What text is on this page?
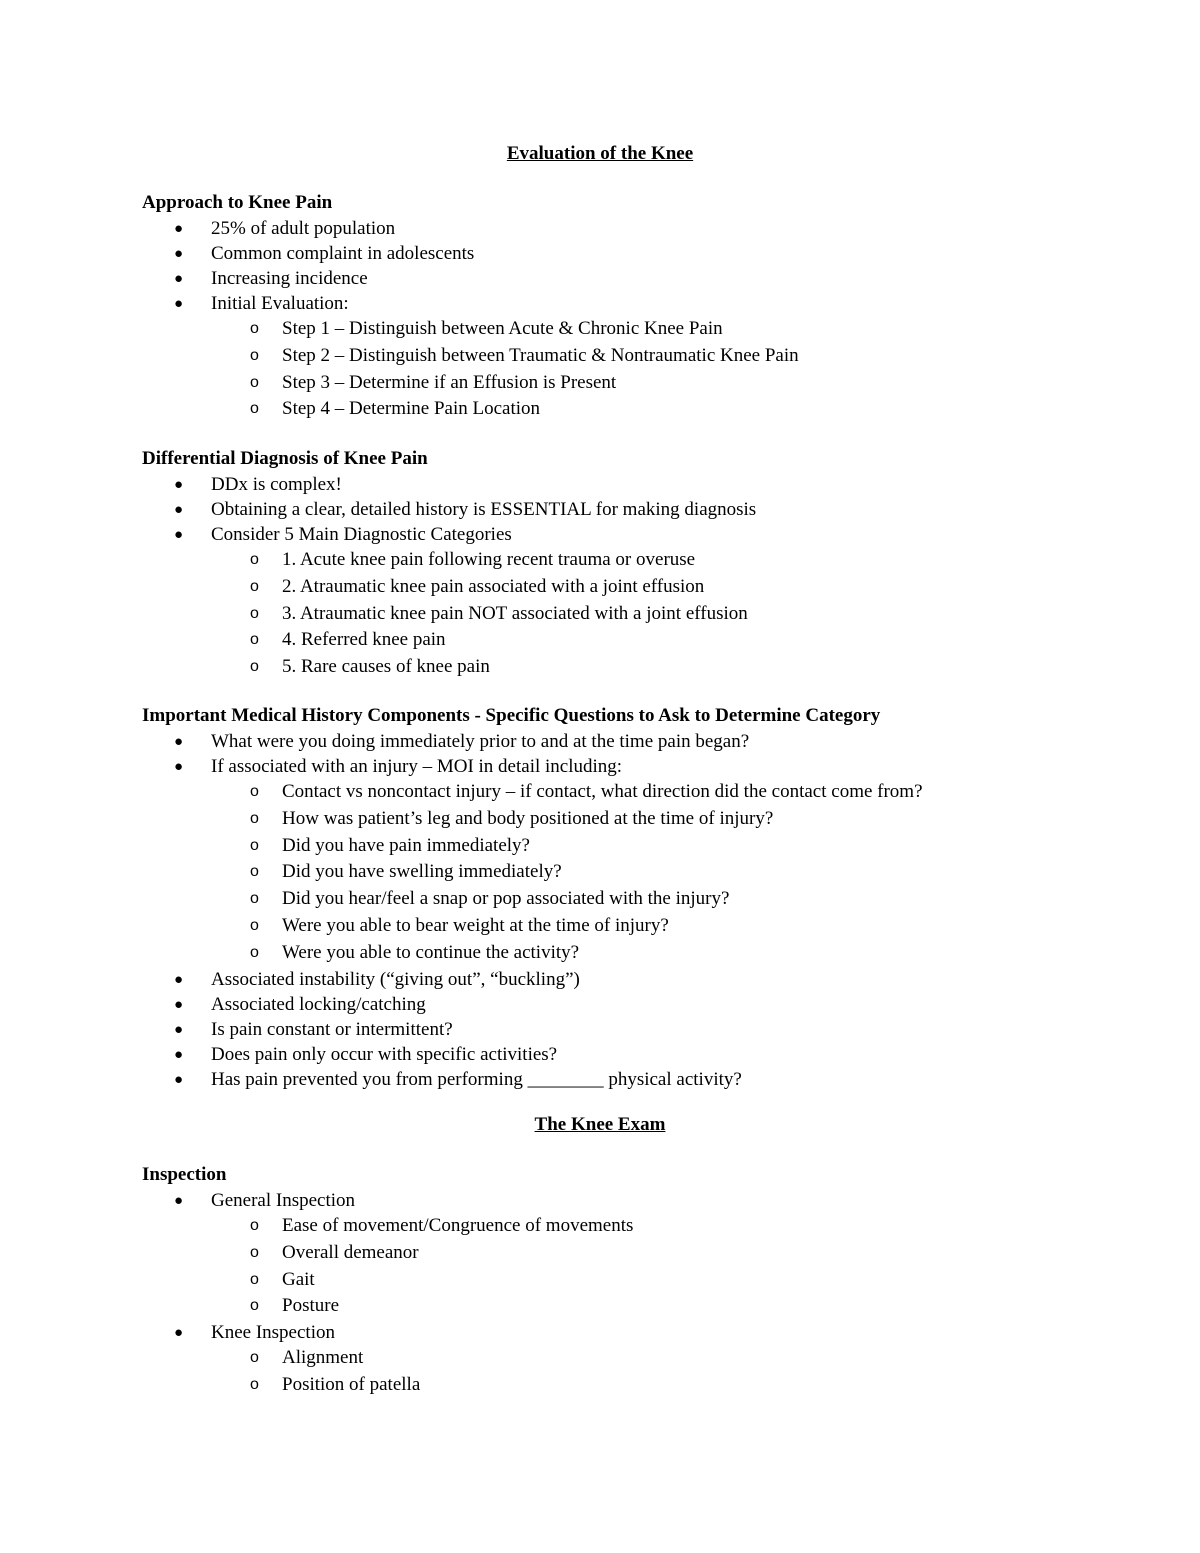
Evaluation of the Knee
Approach to Knee Pain
● 25% of adult population
● Common complaint in adolescents
● Increasing incidence
● Initial Evaluation:
o Step 1 – Distinguish between Acute & Chronic Knee Pain
o Step 2 – Distinguish between Traumatic & Nontraumatic Knee Pain
o Step 3 – Determine if an Effusion is Present
o Step 4 – Determine Pain Location
Differential Diagnosis of Knee Pain
● DDx is complex!
● Obtaining a clear, detailed history is ESSENTIAL for making diagnosis
● Consider 5 Main Diagnostic Categories
o 1. Acute knee pain following recent trauma or overuse
o 2. Atraumatic knee pain associated with a joint effusion
o 3. Atraumatic knee pain NOT associated with a joint effusion
o 4. Referred knee pain
o 5. Rare causes of knee pain
Important Medical History Components - Specific Questions to Ask to Determine Category
● What were you doing immediately prior to and at the time pain began?
● If associated with an injury – MOI in detail including:
o Contact vs noncontact injury – if contact, what direction did the contact come from?
o How was patient’s leg and body positioned at the time of injury?
o Did you have pain immediately?
o Did you have swelling immediately?
o Did you hear/feel a snap or pop associated with the injury?
o Were you able to bear weight at the time of injury?
o Were you able to continue the activity?
● Associated instability (“giving out”, “buckling”)
● Associated locking/catching
● Is pain constant or intermittent?
● Does pain only occur with specific activities?
● Has pain prevented you from performing ________ physical activity?
The Knee Exam
Inspection
● General Inspection
o Ease of movement/Congruence of movements
o Overall demeanor
o Gait
o Posture
● Knee Inspection
o Alignment
o Position of patella
